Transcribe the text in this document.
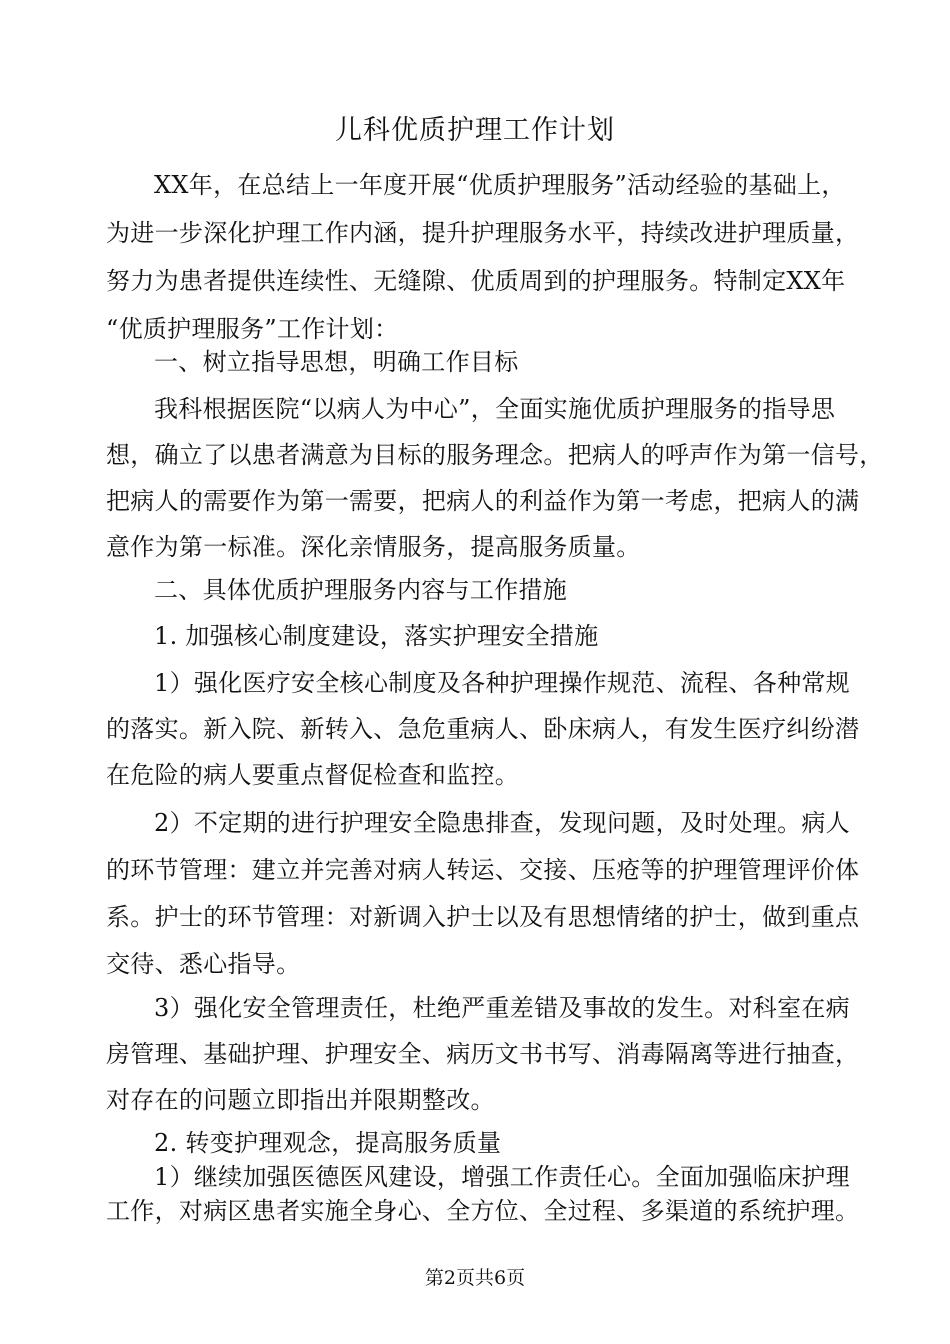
儿科优质护理工作计划

XX年，在总结上一年度开展“优质护理服务”活动经验的基础上，
为进一步深化护理工作内涵，提升护理服务水平，持续改进护理质量，
努力为患者提供连续性、无缝隙、优质周到的护理服务。特制定XX年
“优质护理服务”工作计划：

一、树立指导思想，明确工作目标

我科根据医院“以病人为中心”，全面实施优质护理服务的指导思
想，确立了以患者满意为目标的服务理念。把病人的呼声作为第一信号，
把病人的需要作为第一需要，把病人的利益作为第一考虑，把病人的满
意作为第一标准。深化亲情服务，提高服务质量。

二、具体优质护理服务内容与工作措施

1. 加强核心制度建设，落实护理安全措施

1）强化医疗安全核心制度及各种护理操作规范、流程、各种常规
的落实。新入院、新转入、急危重病人、卧床病人，有发生医疗纠纷潜
在危险的病人要重点督促检查和监控。

2）不定期的进行护理安全隐患排查，发现问题，及时处理。病人
的环节管理：建立并完善对病人转运、交接、压疮等的护理管理评价体
系。护士的环节管理：对新调入护士以及有思想情绪的护士，做到重点
交待、悉心指导。

3）强化安全管理责任，杜绝严重差错及事故的发生。对科室在病
房管理、基础护理、护理安全、病历文书书写、消毒隔离等进行抽查，
对存在的问题立即指出并限期整改。

2. 转变护理观念，提高服务质量

1）继续加强医德医风建设，增强工作责任心。全面加强临床护理
工作，对病区患者实施全身心、全方位、全过程、多渠道的系统护理。

第2页共6页
